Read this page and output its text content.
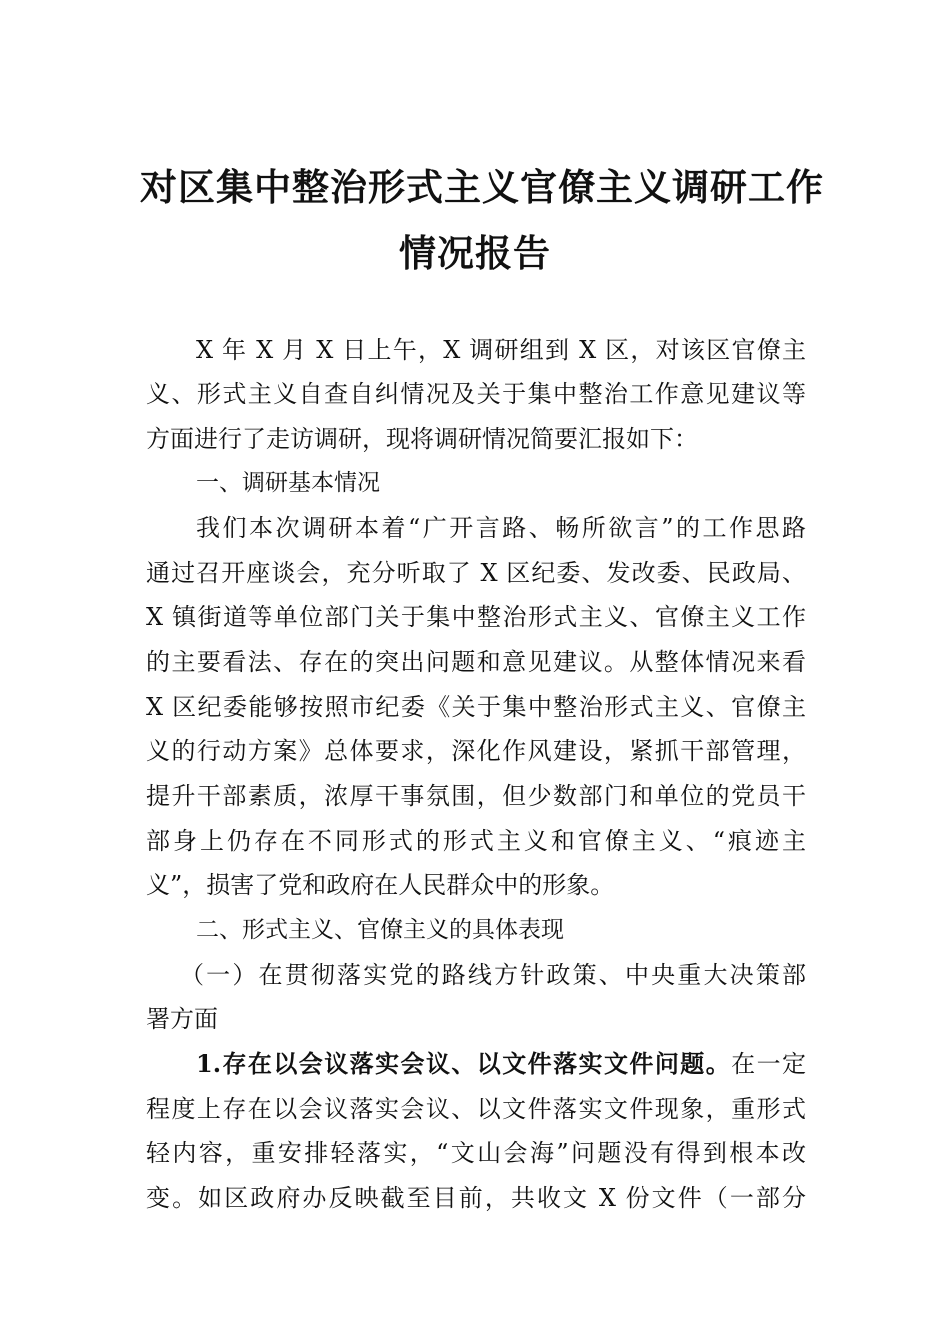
对区集中整治形式主义官僚主义调研工作
情况报告
X 年 X 月 X 日上午，X 调研组到 X 区，对该区官僚主
义、形式主义自查自纠情况及关于集中整治工作意见建议等
方面进行了走访调研，现将调研情况简要汇报如下：
一、调研基本情况
我们本次调研本着“广开言路、畅所欲言”的工作思路
通过召开座谈会，充分听取了 X 区纪委、发改委、民政局、
X 镇街道等单位部门关于集中整治形式主义、官僚主义工作
的主要看法、存在的突出问题和意见建议。从整体情况来看
X 区纪委能够按照市纪委《关于集中整治形式主义、官僚主
义的行动方案》总体要求，深化作风建设，紧抓干部管理，
提升干部素质，浓厚干事氛围，但少数部门和单位的党员干
部身上仍存在不同形式的形式主义和官僚主义、“痕迹主
义”，损害了党和政府在人民群众中的形象。
二、形式主义、官僚主义的具体表现
（一）在贯彻落实党的路线方针政策、中央重大决策部
署方面
1.存在以会议落实会议、以文件落实文件问题。在一定
程度上存在以会议落实会议、以文件落实文件现象，重形式
轻内容，重安排轻落实，“文山会海”问题没有得到根本改
变。如区政府办反映截至目前，共收文 X 份文件（一部分
